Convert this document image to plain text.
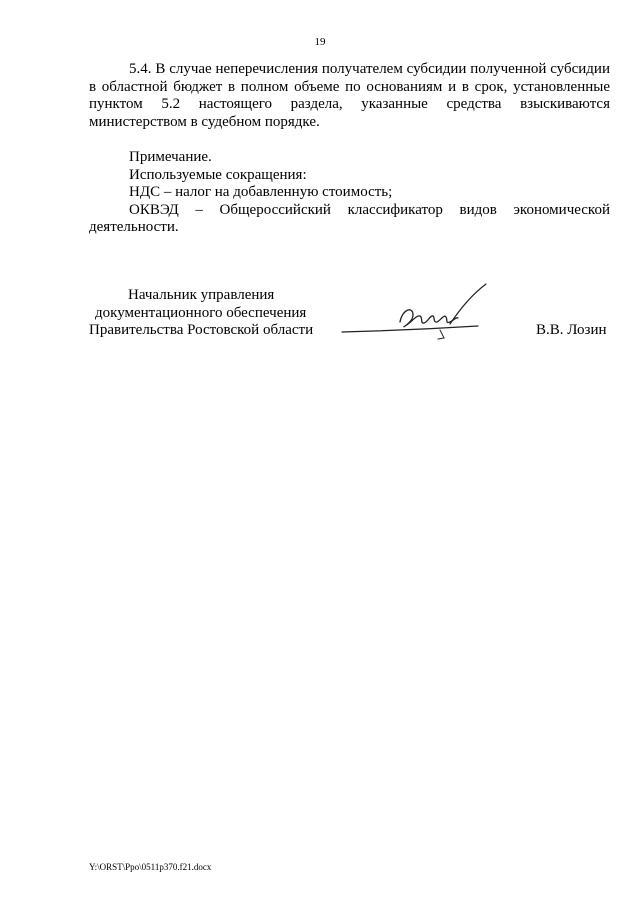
19

5.4. В случае неперечисления получателем субсидии полученной субсидии в областной бюджет в полном объеме по основаниям и в срок, установленные пунктом 5.2 настоящего раздела, указанные средства взыскиваются министерством в судебном порядке.

Примечание.

Используемые сокращения:

НДС – налог на добавленную стоимость;

ОКВЭД – Общероссийский классификатор видов экономической деятельности.

Начальник управления
документационного обеспечения
Правительства Ростовской области	В.В. Лозин
Y:\ORST\Ppo\0511p370.f21.docx
